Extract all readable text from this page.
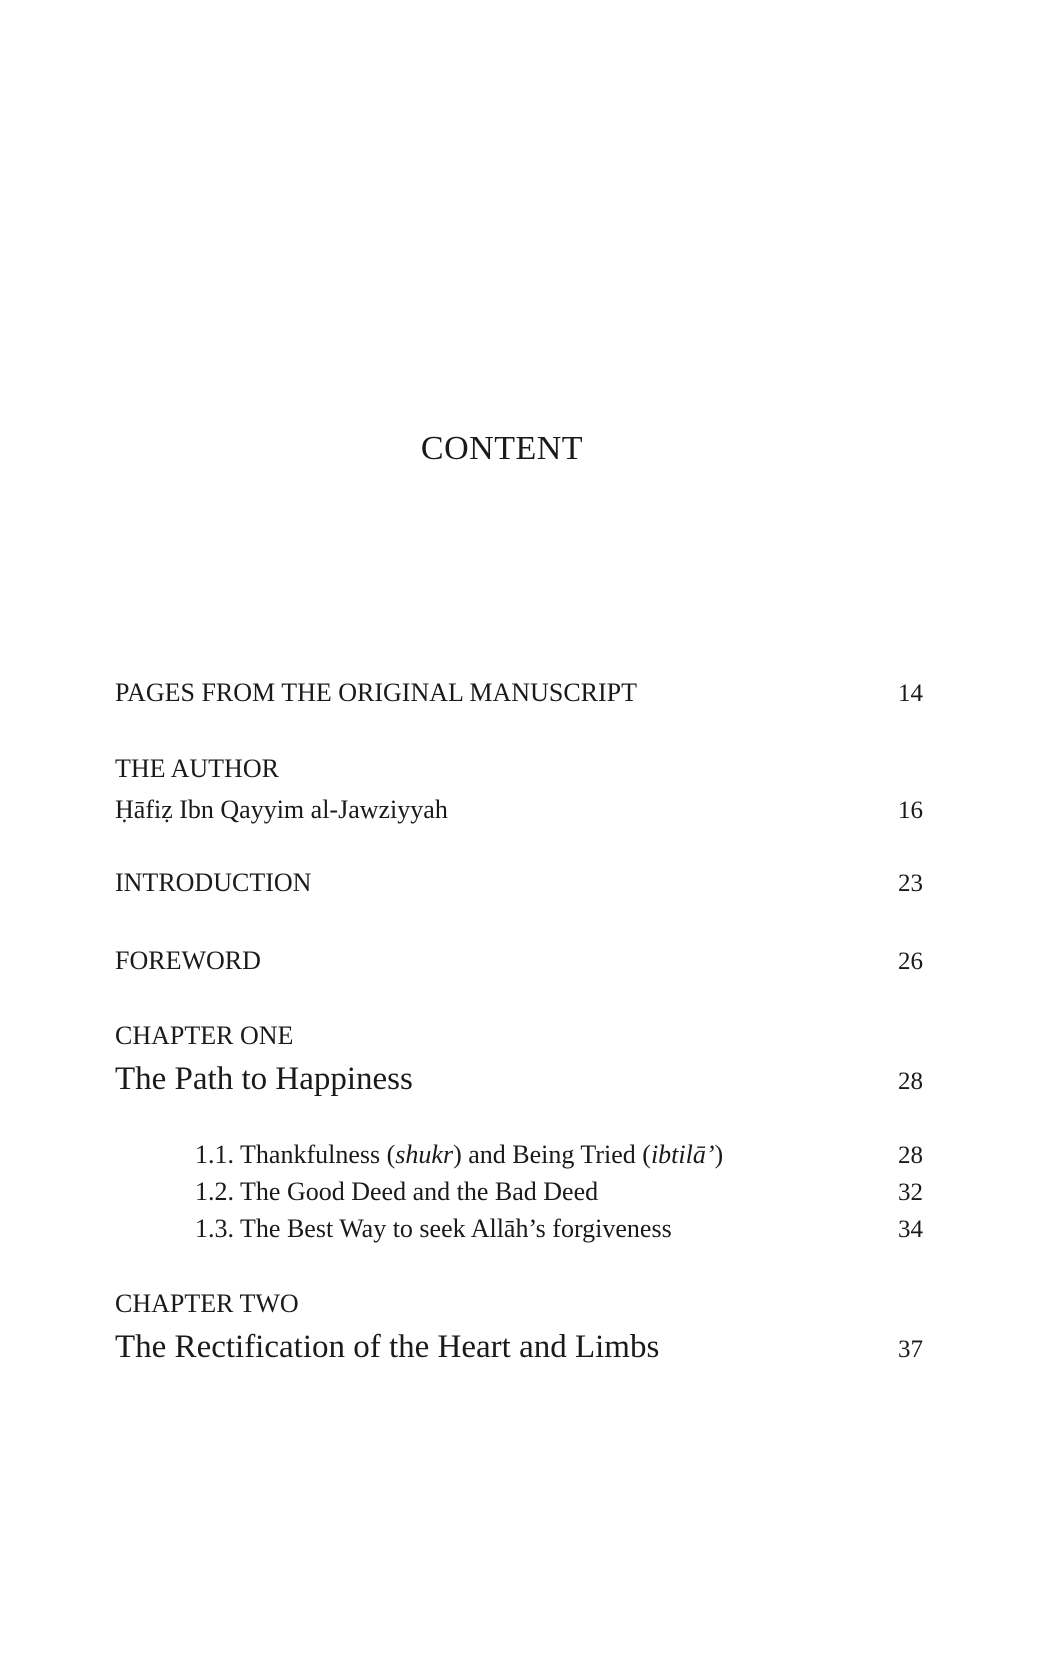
CONTENT
PAGES FROM THE ORIGINAL MANUSCRIPT	14
THE AUTHOR
Ḥāfiẓ Ibn Qayyim al-Jawziyyah	16
INTRODUCTION	23
FOREWORD	26
CHAPTER ONE
The Path to Happiness	28
1.1. Thankfulness (shukr) and Being Tried (ibtilā’)	28
1.2. The Good Deed and the Bad Deed	32
1.3. The Best Way to seek Allāh’s forgiveness	34
CHAPTER TWO
The Rectification of the Heart and Limbs	37
